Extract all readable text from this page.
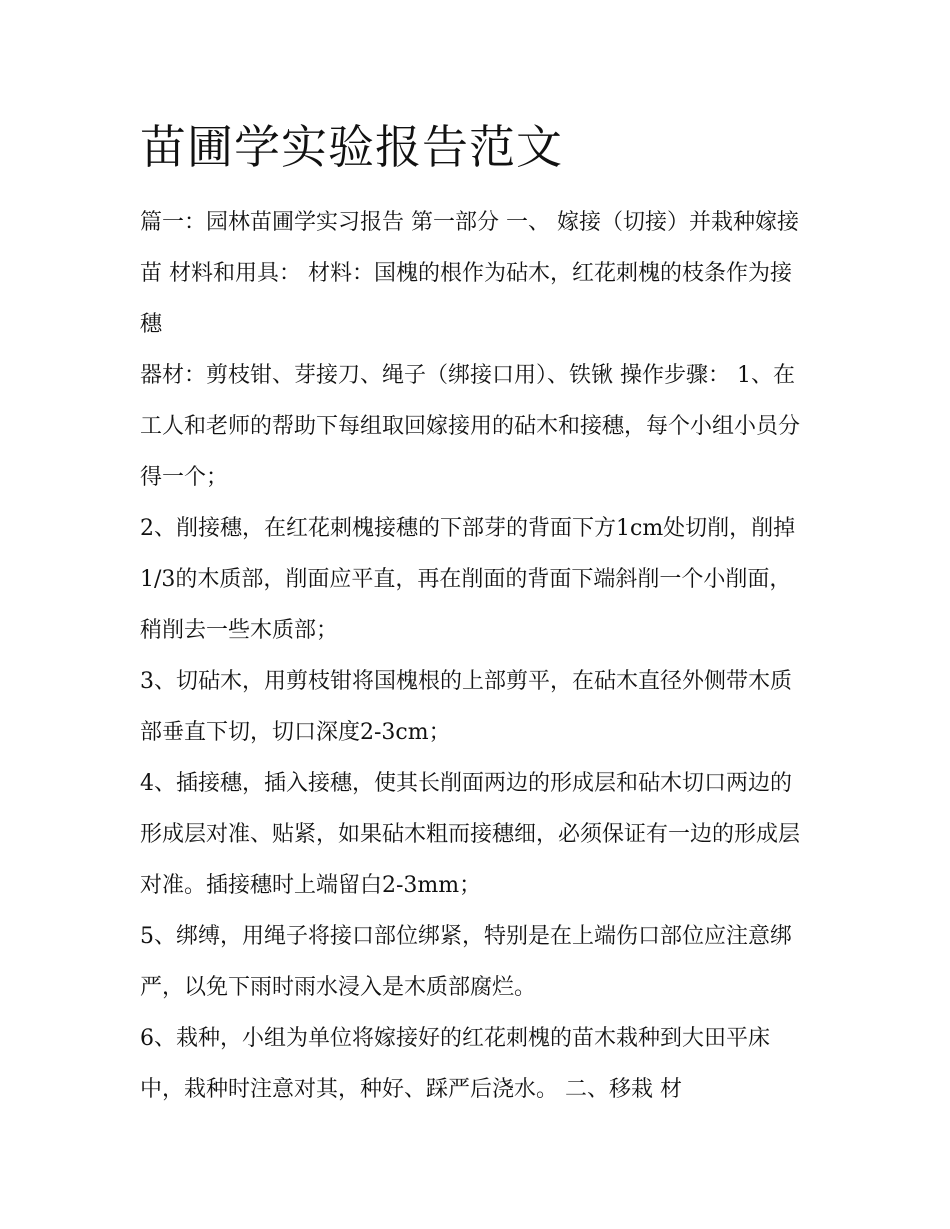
苗圃学实验报告范文

篇一：园林苗圃学实习报告 第一部分 一、 嫁接（切接）并栽种嫁接苗 材料和用具： 材料：国槐的根作为砧木，红花刺槐的枝条作为接穗

器材：剪枝钳、芽接刀、绳子（绑接口用）、铁锹 操作步骤： 1、在工人和老师的帮助下每组取回嫁接用的砧木和接穗，每个小组小员分得一个；

2、削接穗，在红花刺槐接穗的下部芽的背面下方1cm处切削，削掉1/3的木质部，削面应平直，再在削面的背面下端斜削一个小削面，稍削去一些木质部；

3、切砧木，用剪枝钳将国槐根的上部剪平，在砧木直径外侧带木质部垂直下切，切口深度2-3cm；

4、插接穗，插入接穗，使其长削面两边的形成层和砧木切口两边的形成层对准、贴紧，如果砧木粗而接穗细，必须保证有一边的形成层对准。插接穗时上端留白2-3mm；

5、绑缚，用绳子将接口部位绑紧，特别是在上端伤口部位应注意绑严，以免下雨时雨水浸入是木质部腐烂。

6、栽种，小组为单位将嫁接好的红花刺槐的苗木栽种到大田平床中，栽种时注意对其，种好、踩严后浇水。 二、移栽 材
